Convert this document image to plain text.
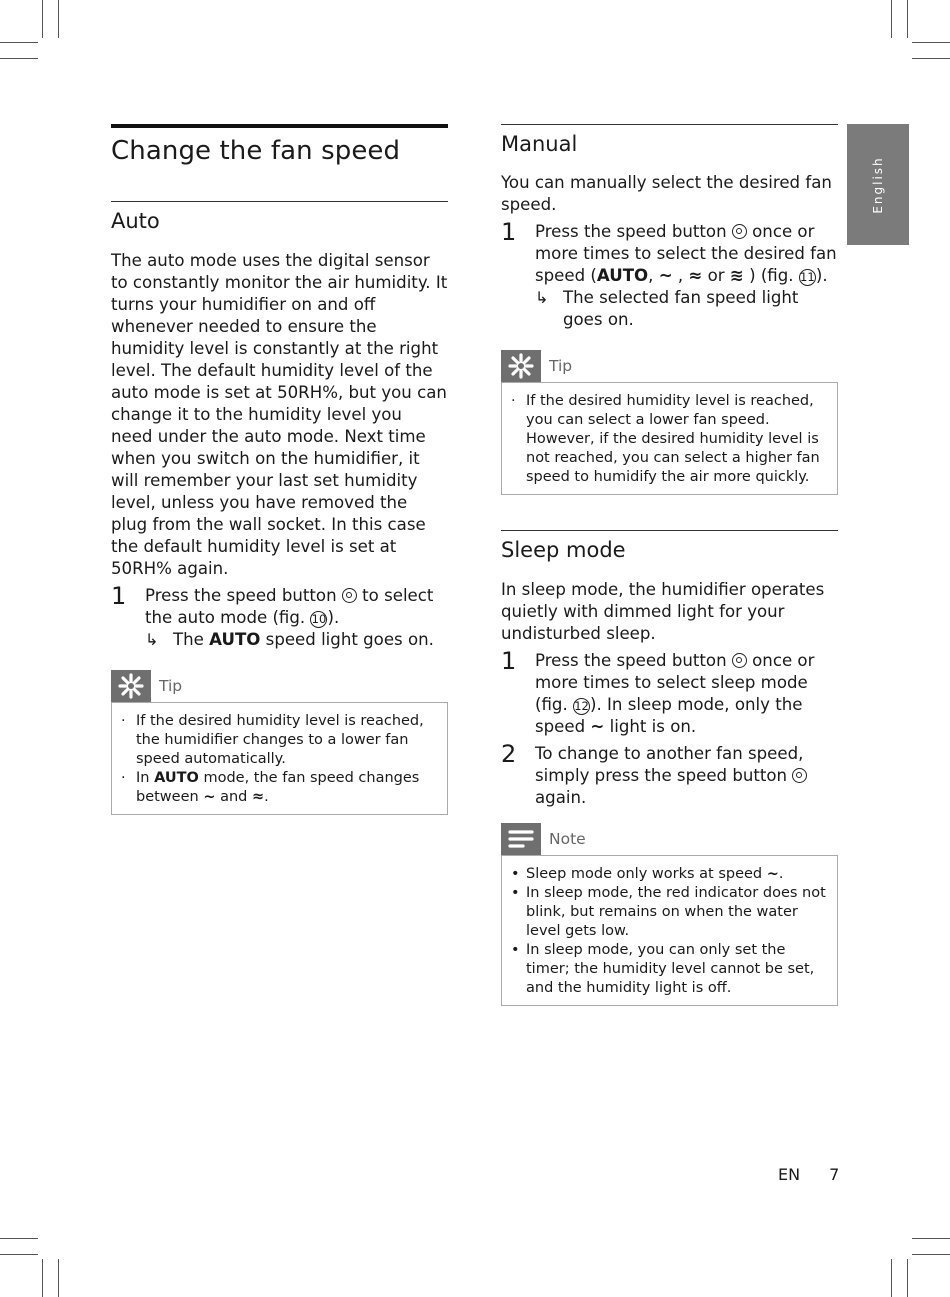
English
Change the fan speed
Auto

The auto mode uses the digital sensor to constantly monitor the air humidity. It turns your humidifier on and off whenever needed to ensure the humidity level is constantly at the right level. The default humidity level of the auto mode is set at 50RH%, but you can change it to the humidity level you need under the auto mode. Next time when you switch on the humidifier, it will remember your last set humidity level, unless you have removed the plug from the wall socket. In this case the default humidity level is set at 50RH% again.

1 Press the speed button to select the auto mode (fig. 10).
↳ The AUTO speed light goes on.
Tip
· If the desired humidity level is reached, the humidifier changes to a lower fan speed automatically.
· In AUTO mode, the fan speed changes between ~ and ≈.
Manual

You can manually select the desired fan speed.

1 Press the speed button once or more times to select the desired fan speed (AUTO, ~ , ≈ or ≋ ) (fig. 11).
↳ The selected fan speed light goes on.
Tip
· If the desired humidity level is reached, you can select a lower fan speed. However, if the desired humidity level is not reached, you can select a higher fan speed to humidify the air more quickly.
Sleep mode

In sleep mode, the humidifier operates quietly with dimmed light for your undisturbed sleep.

1 Press the speed button once or more times to select sleep mode (fig. 12). In sleep mode, only the speed ~ light is on.
2 To change to another fan speed, simply press the speed button  again.
Note
• Sleep mode only works at speed ~.
• In sleep mode, the red indicator does not blink, but remains on when the water level gets low.
• In sleep mode, you can only set the timer; the humidity level cannot be set, and the humidity light is off.
EN 7
